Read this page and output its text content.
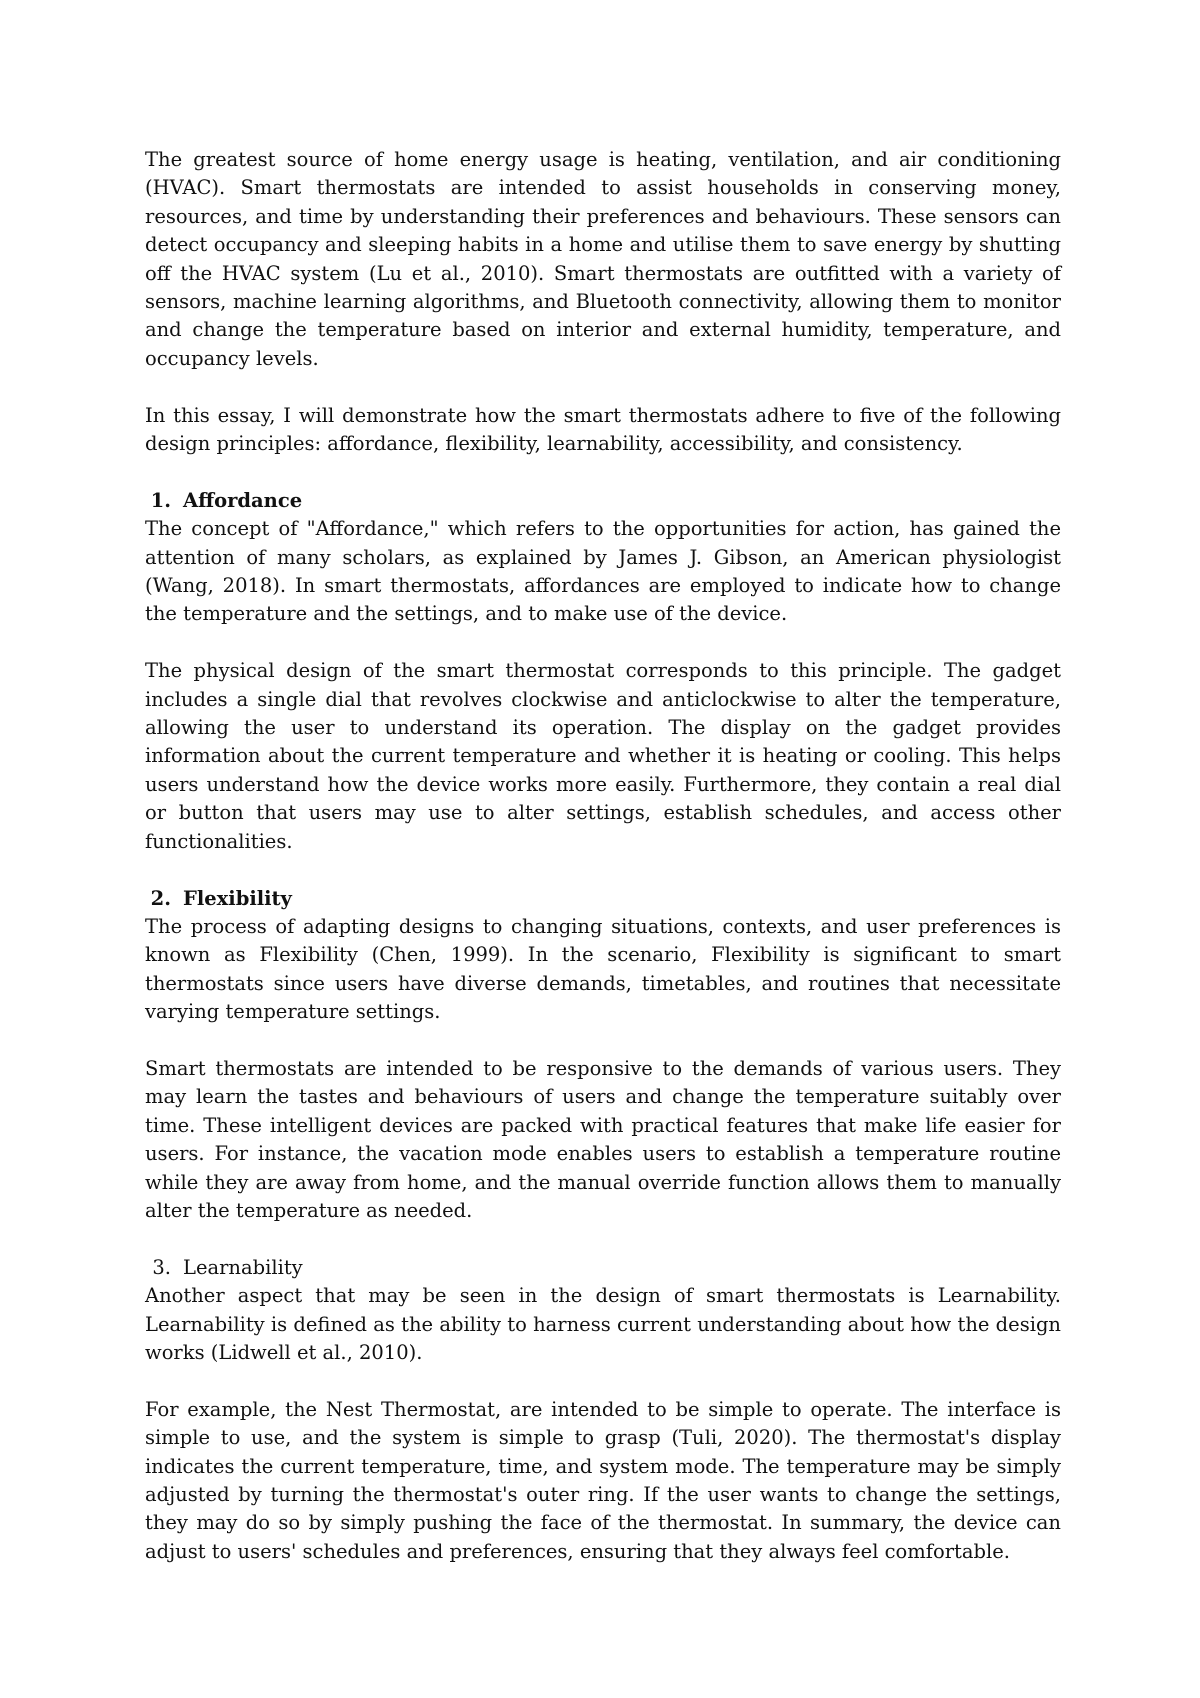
The greatest source of home energy usage is heating, ventilation, and air conditioning (HVAC). Smart thermostats are intended to assist households in conserving money, resources, and time by understanding their preferences and behaviours. These sensors can detect occupancy and sleeping habits in a home and utilise them to save energy by shutting off the HVAC system (Lu et al., 2010). Smart thermostats are outfitted with a variety of sensors, machine learning algorithms, and Bluetooth connectivity, allowing them to monitor and change the temperature based on interior and external humidity, temperature, and occupancy levels.

In this essay, I will demonstrate how the smart thermostats adhere to five of the following design principles: affordance, flexibility, learnability, accessibility, and consistency.

1. Affordance

The concept of "Affordance," which refers to the opportunities for action, has gained the attention of many scholars, as explained by James J. Gibson, an American physiologist (Wang, 2018). In smart thermostats, affordances are employed to indicate how to change the temperature and the settings, and to make use of the device.

The physical design of the smart thermostat corresponds to this principle. The gadget includes a single dial that revolves clockwise and anticlockwise to alter the temperature, allowing the user to understand its operation. The display on the gadget provides information about the current temperature and whether it is heating or cooling. This helps users understand how the device works more easily. Furthermore, they contain a real dial or button that users may use to alter settings, establish schedules, and access other functionalities.

2. Flexibility

The process of adapting designs to changing situations, contexts, and user preferences is known as Flexibility (Chen, 1999). In the scenario, Flexibility is significant to smart thermostats since users have diverse demands, timetables, and routines that necessitate varying temperature settings.

Smart thermostats are intended to be responsive to the demands of various users. They may learn the tastes and behaviours of users and change the temperature suitably over time. These intelligent devices are packed with practical features that make life easier for users. For instance, the vacation mode enables users to establish a temperature routine while they are away from home, and the manual override function allows them to manually alter the temperature as needed.

3. Learnability

Another aspect that may be seen in the design of smart thermostats is Learnability. Learnability is defined as the ability to harness current understanding about how the design works (Lidwell et al., 2010).

For example, the Nest Thermostat, are intended to be simple to operate. The interface is simple to use, and the system is simple to grasp (Tuli, 2020). The thermostat's display indicates the current temperature, time, and system mode. The temperature may be simply adjusted by turning the thermostat's outer ring. If the user wants to change the settings, they may do so by simply pushing the face of the thermostat. In summary, the device can adjust to users' schedules and preferences, ensuring that they always feel comfortable.
